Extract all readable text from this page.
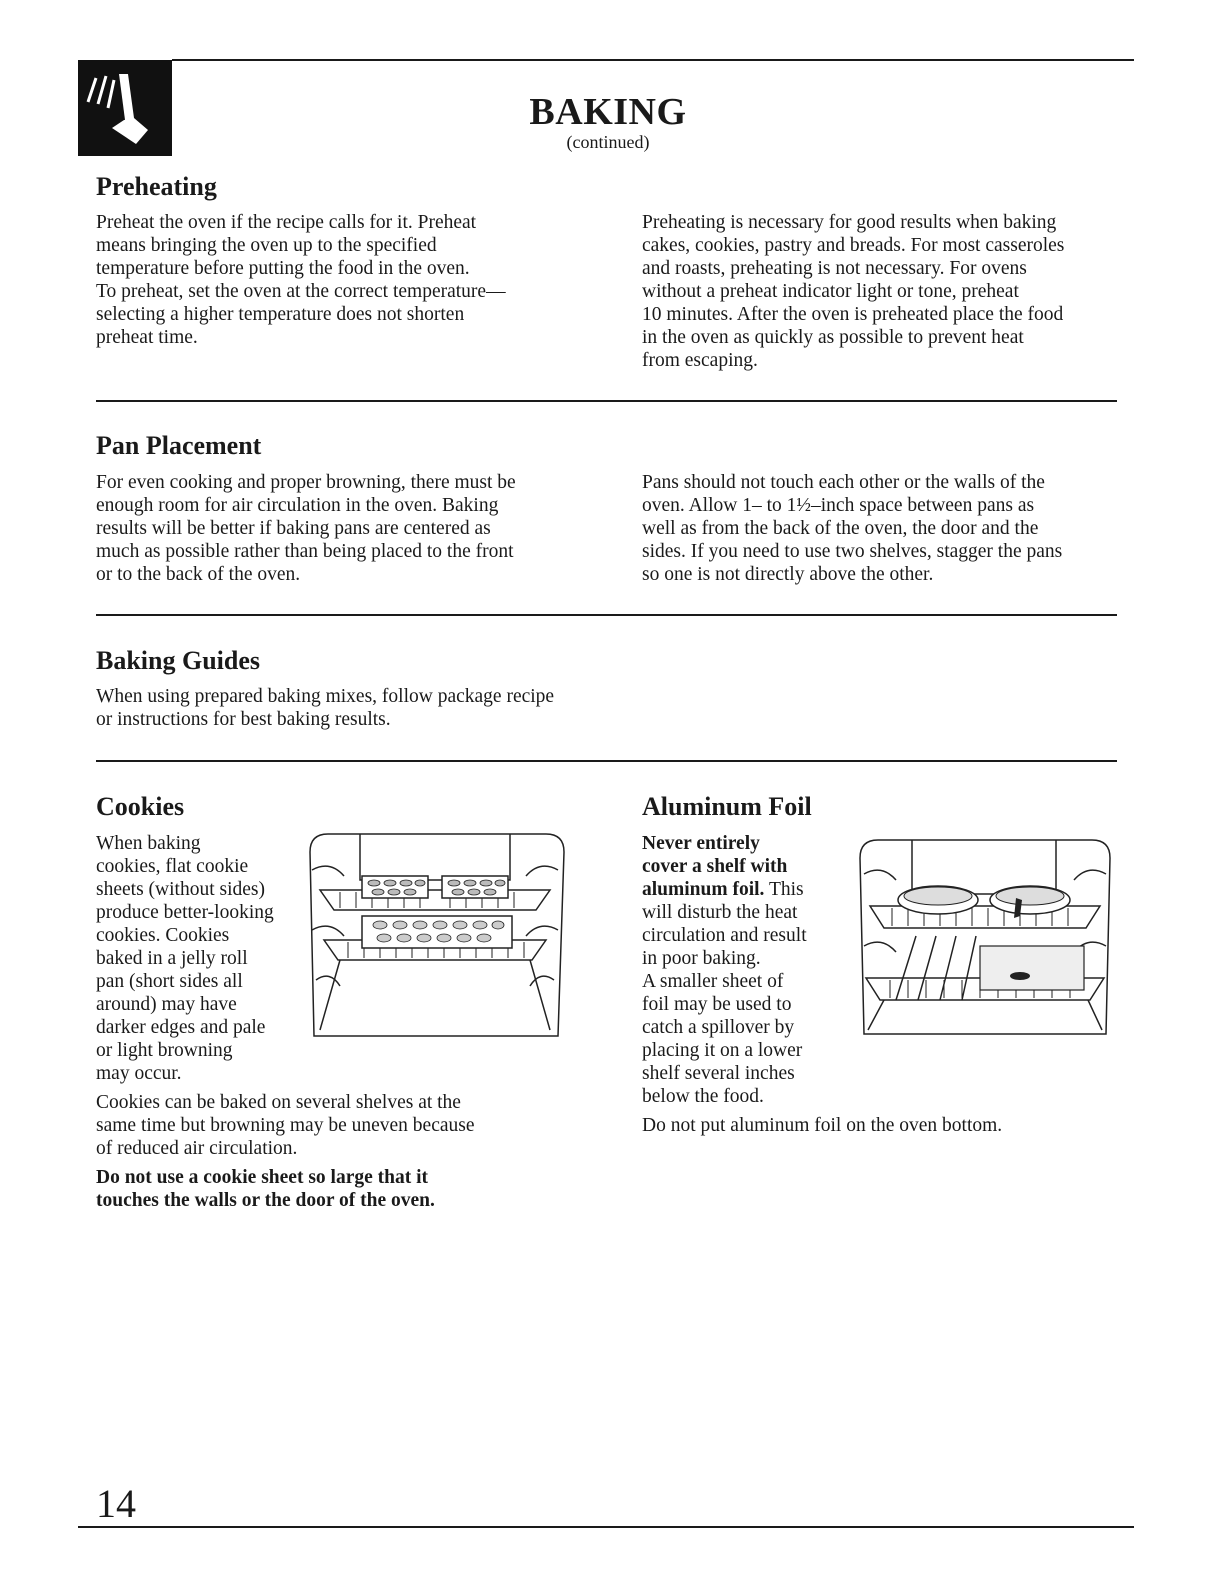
BAKING
(continued)
Preheating
Preheat the oven if the recipe calls for it. Preheat
means bringing the oven up to the specified
temperature before putting the food in the oven.
To preheat, set the oven at the correct temperature—
selecting a higher temperature does not shorten
preheat time.
Preheating is necessary for good results when baking
cakes, cookies, pastry and breads. For most casseroles
and roasts, preheating is not necessary. For ovens
without a preheat indicator light or tone, preheat
10 minutes. After the oven is preheated place the food
in the oven as quickly as possible to prevent heat
from escaping.
Pan Placement
For even cooking and proper browning, there must be
enough room for air circulation in the oven. Baking
results will be better if baking pans are centered as
much as possible rather than being placed to the front
or to the back of the oven.
Pans should not touch each other or the walls of the
oven. Allow 1– to 1½–inch space between pans as
well as from the back of the oven, the door and the
sides. If you need to use two shelves, stagger the pans
so one is not directly above the other.
Baking Guides
When using prepared baking mixes, follow package recipe
or instructions for best baking results.
Cookies
When baking
cookies, flat cookie
sheets (without sides)
produce better-looking
cookies. Cookies
baked in a jelly roll
pan (short sides all
around) may have
darker edges and pale
or light browning
may occur.
Cookies can be baked on several shelves at the
same time but browning may be uneven because
of reduced air circulation.
Do not use a cookie sheet so large that it
touches the walls or the door of the oven.
Aluminum Foil
Never entirely
cover a shelf with
aluminum foil. This
will disturb the heat
circulation and result
in poor baking.
A smaller sheet of
foil may be used to
catch a spillover by
placing it on a lower
shelf several inches
below the food.
Do not put aluminum foil on the oven bottom.
14
